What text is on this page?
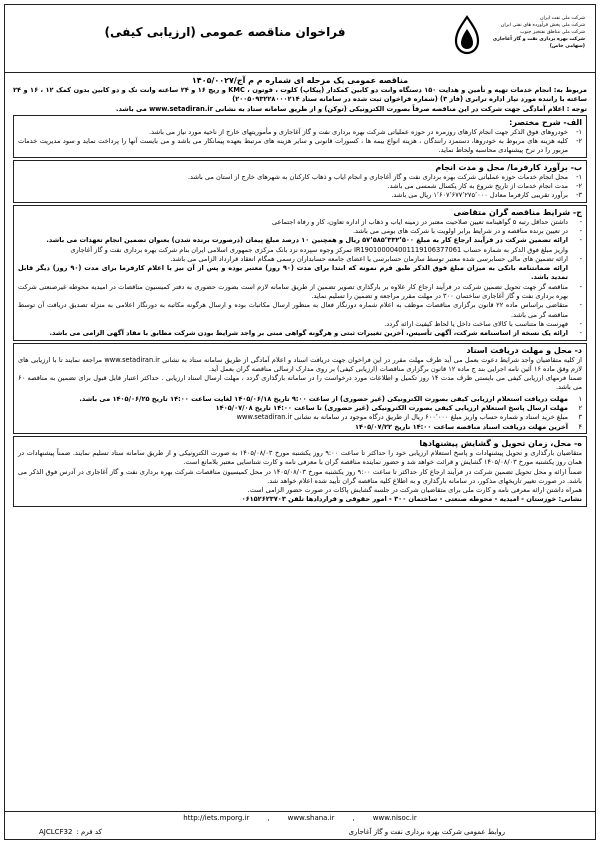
شرکت ملی نفت ایران
شرکت ملی پخش فرآورده های نفتی ایران
شرکت ملی مناطق نفتخیز جنوب
شرکت بهره برداری نفت و گاز آغاجاری (سهامی خاص)
فراخوان مناقصه عمومی (ارزیابی کیفی)

مناقصه عمومی یک مرحله ای شماره م م آج/۱۴۰۵/۰۰۲۷

مربوط به: انجام خدمات تهیه و تأمین و هدایت ۱۵۰ دستگاه وانت دو کابین کمکدار (پیکاپ) کلوت ، فوتون ، KMC و ریچ ۱۶ و ۲۴ ساعته وانت تک و دو کابین بدون کمک ۱۲ ، ۱۶ و ۲۴ ساعته با راننده مورد نیاز اداره ترابری (فاز ۳) (شماره فراخوان ثبت شده در سامانه ستاد ۲۰۰۵۰۹۳۲۲۸۰۰۰۲۱۴)

توجه : اعلام آمادگی جهت شرکت در این مناقصه صرفاً بصورت الکترونیکی (توکن) و از طریق سامانه ستاد به نشانی www.setadiran.ir می باشد.

الف- شرح مختصر:

۱-
خودروهای فوق الذکر جهت انجام کارهای روزمره در حوزه عملیاتی شرکت بهره برداری نفت و گاز آغاجاری و مأموریتهای خارج از ناحیه مورد نیاز می باشد.
۲-
کلیه هزینه های مربوط به خودروها، دستمزد رانندگان ، هزینه انواع بیمه ها ، کسورات قانونی و سایر هزینه های مرتبط بعهده پیمانکار می باشد و می بایست آنها را پرداخت نماید و سود مدیریت خدمات مزبور را در نرخ پیشنهادی محاسبه ولحاظ نماید.

ب- برآورد کارفرما/ محل و مدت انجام

۱-
محل انجام خدمات حوزه عملیاتی شرکت بهره برداری نفت و گاز آغاجاری و انجام ایاب و ذهاب کارکنان به شهرهای خارج از استان می باشد.
۲-
مدت انجام خدمات از تاریخ شروع به کار یکسال شمسی می باشد.
۳-
برآورد تقریبی کارفرما معادل ۱٬۶۰۷٬۶۷۷٬۲۷۵٬۰۰۰ ریال می باشد.

ج- شرایط مناقصه گران متقاضی

-
داشتن حداقل رتبه ۵ گواهینامه تعیین صلاحیت معتبر در زمینه ایاب و ذهاب از اداره تعاون، کار و رفاه اجتماعی
-
در تعیین برنده مناقصه و در شرایط برابر اولویت با شرکت های بومی می باشد.
-
ارائه تضمین شرکت در فرآیند ارجاع کار به مبلغ ۵۷٬۵۸۵٬۳۳۲٬۵۰۰ ریال و همچنین ۱۰ درصد مبلغ پیمان (درصورت برنده شدن) بعنوان تضمین انجام تعهدات می باشد.
واریز مبلغ فوق الذکر به شماره حساب IR190100004001119106377061 تمرکز وجوه سپرده نزد بانک مرکزی جمهوری اسلامی ایران بنام شرکت بهره برداری نفت و گاز آغاجاری
-
ارائه تضمین های مالی حسابرسی شده معتبر توسط سازمان حسابرسی یا اعضای جامعه حسابداران رسمی همگام انعقاد قرارداد الزامی می باشد.
ارائه ضمانتنامه بانکی به میزان مبلغ فوق الذکر طبق فرم نمونه که ابتدا برای مدت (۹۰ روز) معتبر بوده و پس از آن نیز با اعلام کارفرما برای مدت (۹۰ روز) دیگر قابل تمدید باشد.
-
مناقصه گر جهت تحویل تضمین شرکت در فرآیند ارجاع کار علاوه بر بارگذاری تصویر تضمین از طریق سامانه لازم است بصورت حضوری به دفتر کمیسیون مناقصات در امیدیه محوطه غیرصنعتی شرکت بهره برداری نفت و گاز آغاجاری ساختمان ۳۰۰ در مهلت مقرر مراجعه و تضمین را تسلیم نماید.
-
متقاضی براساس ماده ۲۲ قانون برگزاری مناقصات موظف به اعلام شماره دورنگار فعال به منظور ارسال مکاتبات بوده و ارسال هرگونه مکاتبه به دورنگار اعلامی به منزله تصدیق دریافت آن توسط مناقصه گر می باشد.
-
فهرست ها متناسب با کالای ساخت داخل یا لحاظ کیفیت ارائه گردد.
-
ارائه یک نسخه از اساسنامه شرکت، آگهی تأسیس، آخرین تغییرات ثبتی و هرگونه گواهی مبنی بر واجد شرایط بودن شرکت مطابق با مفاد آگهی الزامی می باشد.

د- محل و مهلت دریافت اسناد

از کلیه متقاضیان واجد شرایط دعوت بعمل می آید ظرف مهلت مقرر در این فراخوان جهت دریافت اسناد و اعلام آمادگی از طریق سامانه ستاد به نشانی www.setadiran.ir مراجعه نمایند تا با ارزیابی های لازم وفق ماده ۱۶ آئین نامه اجرایی بند ج ماده ۱۲ قانون برگزاری مناقصات (ارزیابی کیفی) بر روی مدارک ارسالی مناقصه گران بعمل آید.

ضمنا فرمهای ارزیابی کیفی می بایستی ظرف مدت ۱۴ روز تکمیل و اطلاعات مورد درخواست را در سامانه بارگذاری گردد ، مهلت ارسال اسناد ارزیابی . حداکثر اعتبار قابل قبول برای تضمین به مناقصه ۶۰ می باشد.

۱
مهلت دریافت استعلام ارزیابی کیفی بصورت الکترونیکی (غیر حضوری) از ساعت ۹:۰۰ تاریخ ۱۴۰۵/۰۶/۱۸ لغایت ساعت ۱۴:۰۰ تاریخ ۱۴۰۵/۰۶/۲۵ می باشد.
۲
مهلت ارسال پاسخ استعلام ارزیابی کیفی بصورت الکترونیکی (غیر حضوری) تا ساعت ۱۴:۰۰ تاریخ ۱۴۰۵/۰۷/۰۸
۳
مبلغ خرید اسناد و شماره حساب واریز مبلغ ۶۰۰٬۰۰۰ ریال از طریق درگاه موجود در سامانه به نشانی www.setadiran.ir
۴
آخرین مهلت دریافت اسناد مناقصه ساعت ۱۴:۰۰ تاریخ ۱۴۰۵/۰۷/۲۲

ه- محل، زمان تحویل و گشایش پیشنهادها

متقاضیان بارگذاری و تحویل پیشنهادات و پاسخ استعلام ارزیابی خود را حداکثر تا ساعت ۹:۰۰ روز یکشنبه مورخ ۱۴۰۵/۰۸/۰۳ به صورت الکترونیکی و از طریق سامانه ستاد تسلیم نمایند. ضمناً پیشنهادات در همان روز یکشنبه مورخ ۱۴۰۵/۰۸/۰۳ گشایش و قرائت خواهد شد و حضور نماینده مناقصه گران با معرفی نامه و کارت شناسایی معتبر بلامانع است.

ضمناً ارائه و محل تحویل تضمین شرکت در فرآیند ارجاع کار حداکثر تا ساعت ۹:۰۰ روز یکشنبه مورخ ۱۴۰۵/۰۸/۰۳ در محل کمیسیون مناقصات شرکت بهره برداری نفت و گاز آغاجاری در آدرس فوق الذکر می باشد. در صورت تغییر تاریخهای مذکور، در سامانه بارگذاری و به اطلاع کلیه مناقصه گران تأیید شده اعلام خواهد شد.

همراه داشتن ارائه معرفی نامه و کارت ملی برای متقاضیان شرکت در جلسه گشایش پاکات در صورت حضور الزامی است.

نشانی: خوزستان - امیدیه - محوطه صنعتی - ساختمان ۳۰۰ - امور حقوقی و قراردادها تلفن ۰۶۱۵۲۶۲۳۷۰۳

http://iets.mporg.ir	,	www.shana.ir	,	www.nisoc.ir
روابط عمومی شرکت بهره برداری نفت و گاز آغاجاری
کد فرم :AJCLCF32
